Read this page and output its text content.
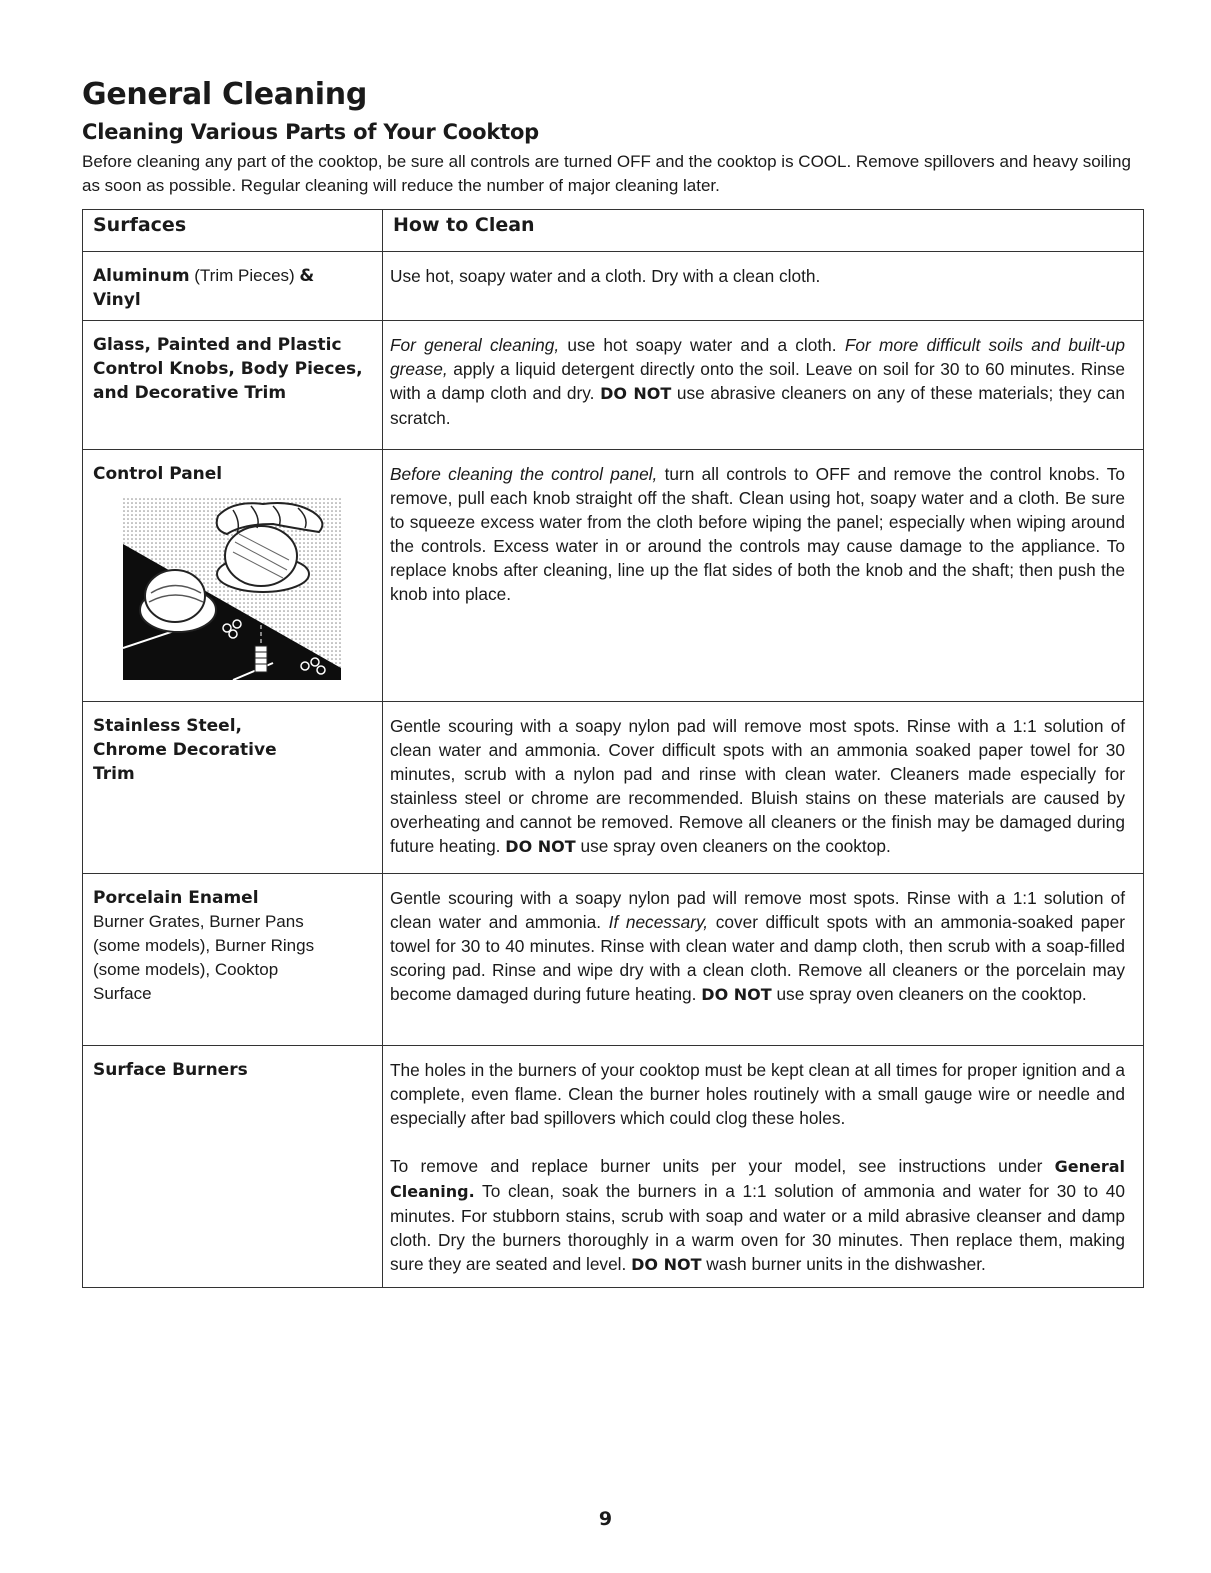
General Cleaning
Cleaning Various Parts of Your Cooktop

Before cleaning any part of the cooktop, be sure all controls are turned OFF and the cooktop is COOL. Remove spillovers and heavy soiling as soon as possible. Regular cleaning will reduce the number of major cleaning later.

Surfaces	How to Clean

Aluminum (Trim Pieces) &
Vinyl	Use hot, soapy water and a cloth. Dry with a clean cloth.

Glass, Painted and Plastic Control Knobs, Body Pieces, and Decorative Trim	For general cleaning, use hot soapy water and a cloth. For more difficult soils and built-up grease, apply a liquid detergent directly onto the soil. Leave on soil for 30 to 60 minutes. Rinse with a damp cloth and dry. DO NOT use abrasive cleaners on any of these materials; they can scratch.

Control Panel	Before cleaning the control panel, turn all controls to OFF and remove the control knobs. To remove, pull each knob straight off the shaft. Clean using hot, soapy water and a cloth. Be sure to squeeze excess water from the cloth before wiping the panel; especially when wiping around the controls. Excess water in or around the controls may cause damage to the appliance. To replace knobs after cleaning, line up the flat sides of both the knob and the shaft; then push the knob into place.

Stainless Steel, Chrome Decorative Trim	Gentle scouring with a soapy nylon pad will remove most spots. Rinse with a 1:1 solution of clean water and ammonia. Cover difficult spots with an ammonia soaked paper towel for 30 minutes, scrub with a nylon pad and rinse with clean water. Cleaners made especially for stainless steel or chrome are recommended. Bluish stains on these materials are caused by overheating and cannot be removed. Remove all cleaners or the finish may be damaged during future heating. DO NOT use spray oven cleaners on the cooktop.

Porcelain Enamel
Burner Grates, Burner Pans (some models), Burner Rings (some models), Cooktop Surface	Gentle scouring with a soapy nylon pad will remove most spots. Rinse with a 1:1 solution of clean water and ammonia. If necessary, cover difficult spots with an ammonia-soaked paper towel for 30 to 40 minutes. Rinse with clean water and damp cloth, then scrub with a soap-filled scoring pad. Rinse and wipe dry with a clean cloth. Remove all cleaners or the porcelain may become damaged during future heating. DO NOT use spray oven cleaners on the cooktop.

Surface Burners	The holes in the burners of your cooktop must be kept clean at all times for proper ignition and a complete, even flame. Clean the burner holes routinely with a small gauge wire or needle and especially after bad spillovers which could clog these holes.

To remove and replace burner units per your model, see instructions under General Cleaning. To clean, soak the burners in a 1:1 solution of ammonia and water for 30 to 40 minutes. For stubborn stains, scrub with soap and water or a mild abrasive cleanser and damp cloth. Dry the burners thoroughly in a warm oven for 30 minutes. Then replace them, making sure they are seated and level. DO NOT wash burner units in the dishwasher.

9
